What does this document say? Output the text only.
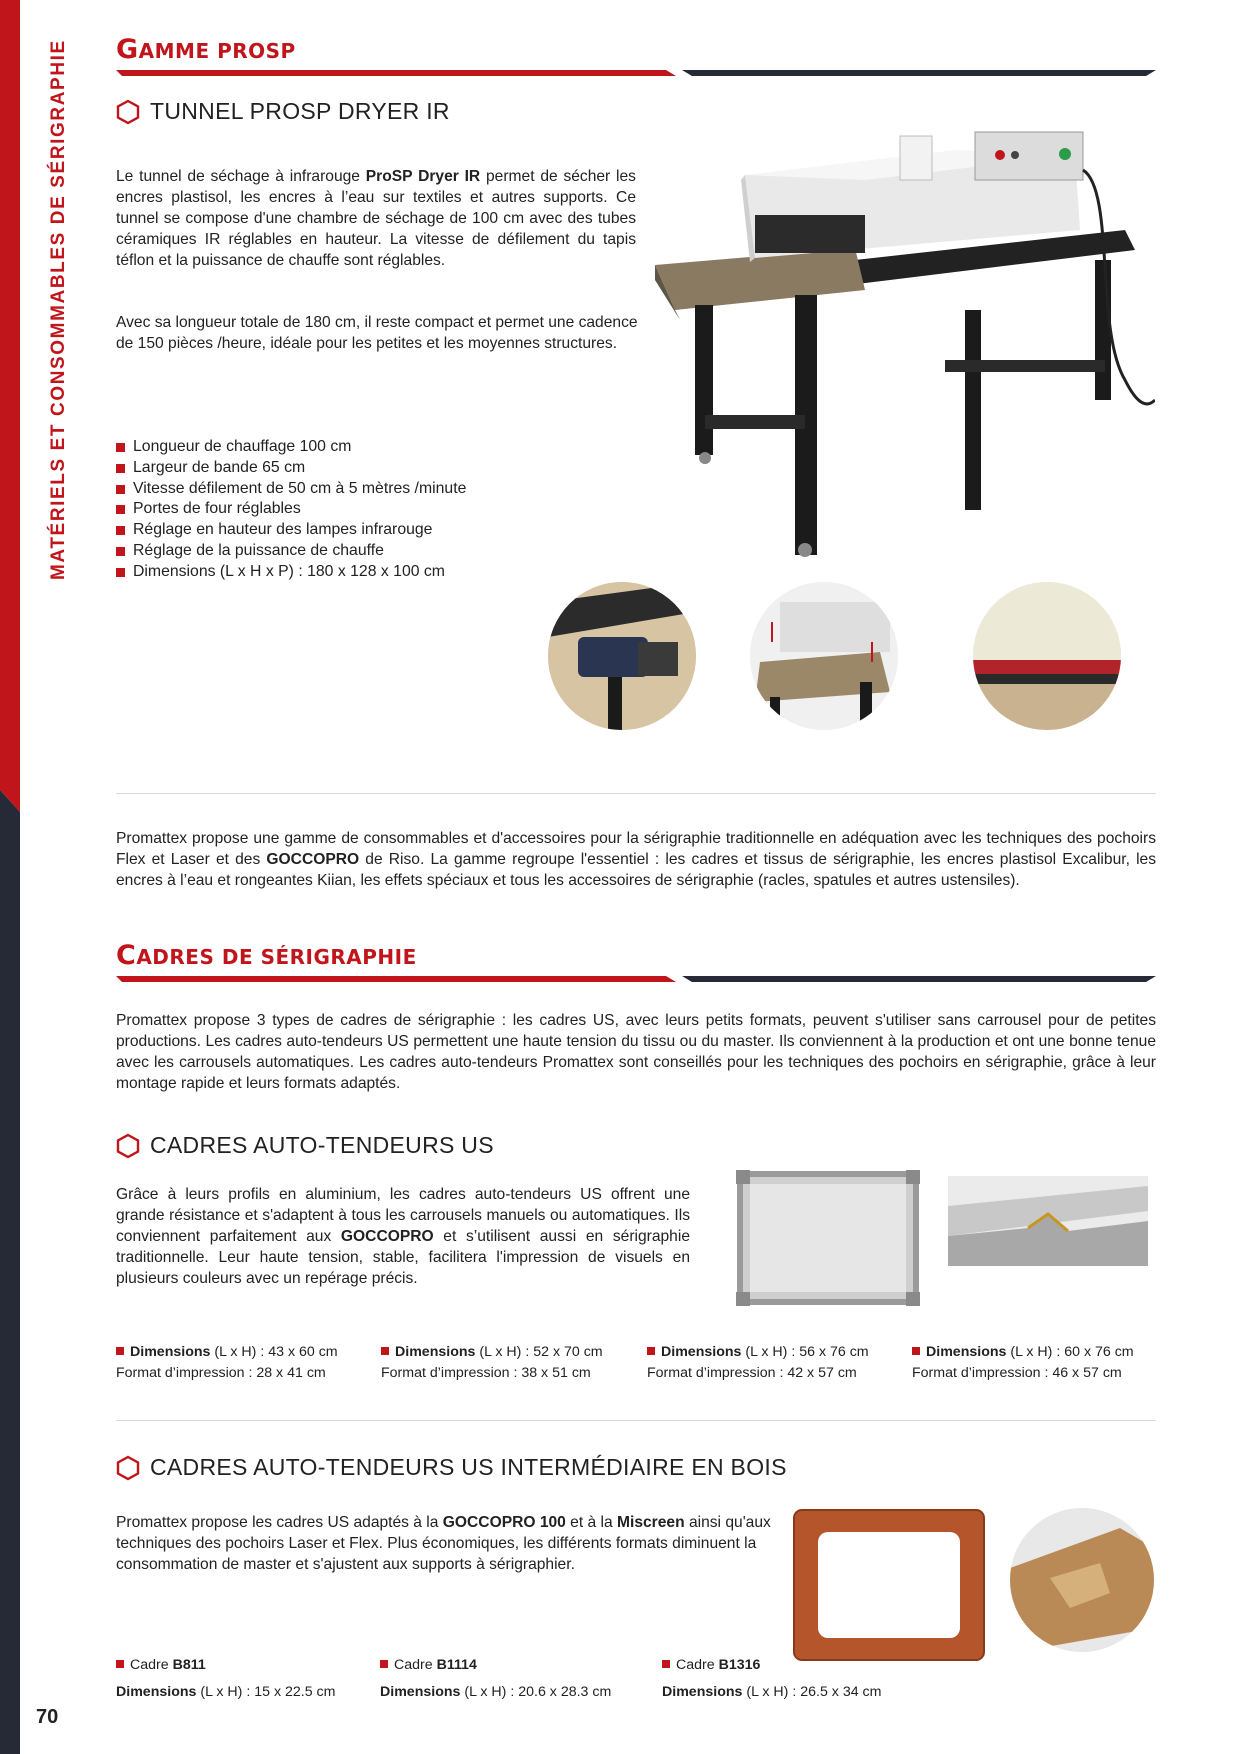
MATÉRIELS ET CONSOMMABLES DE SÉRIGRAPHIE GAMME PROSP
TUNNEL PROSP DRYER IR
Le tunnel de séchage à infrarouge ProSP Dryer IR permet de sécher les encres plastisol, les encres à l’eau sur textiles et autres supports. Ce tunnel se compose d'une chambre de séchage de 100 cm avec des tubes céramiques IR réglables en hauteur. La vitesse de défilement du tapis téflon et la puissance de chauffe sont réglables.
Avec sa longueur totale de 180 cm, il reste compact et permet une cadence de 150 pièces /heure, idéale pour les petites et les moyennes structures.
Longueur de chauffage 100 cm
Largeur de bande 65 cm
Vitesse défilement de 50 cm à 5 mètres /minute
Portes de four réglables
Réglage en hauteur des lampes infrarouge
Réglage de la puissance de chauffe
Dimensions (L x H x P) : 180 x 128 x 100 cm
Promattex propose une gamme de consommables et d'accessoires pour la sérigraphie traditionnelle en adéquation avec les techniques des pochoirs Flex et Laser et des GOCCOPRO de Riso. La gamme regroupe l'essentiel : les cadres et tissus de sérigraphie, les encres plastisol Excalibur, les encres à l’eau et rongeantes Kiian, les effets spéciaux et tous les accessoires de sérigraphie (racles, spatules et autres ustensiles).
CADRES DE SÉRIGRAPHIE
Promattex propose 3 types de cadres de sérigraphie : les cadres US, avec leurs petits formats, peuvent s'utiliser sans carrousel pour de petites productions. Les cadres auto-tendeurs US permettent une haute tension du tissu ou du master. Ils conviennent à la production et ont une bonne tenue avec les carrousels automatiques. Les cadres auto-tendeurs Promattex sont conseillés pour les techniques des pochoirs en sérigraphie, grâce à leur montage rapide et leurs formats adaptés.
CADRES AUTO-TENDEURS US
Grâce à leurs profils en aluminium, les cadres auto-tendeurs US offrent une grande résistance et s'adaptent à tous les carrousels manuels ou automatiques. Ils conviennent parfaitement aux GOCCOPRO et s’utilisent aussi en sérigraphie traditionnelle. Leur haute tension, stable, facilitera l'impression de visuels en plusieurs couleurs avec un repérage précis.
Dimensions (L x H) : 43 x 60 cm
Format d’impression : 28 x 41 cm
Dimensions (L x H) : 52 x 70 cm
Format d’impression : 38 x 51 cm
Dimensions (L x H) : 56 x 76 cm
Format d’impression : 42 x 57 cm
Dimensions (L x H) : 60 x 76 cm
Format d’impression : 46 x 57 cm
CADRES AUTO-TENDEURS US INTERMÉDIAIRE EN BOIS
Promattex propose les cadres US adaptés à la GOCCOPRO 100 et à la Miscreen ainsi qu'aux techniques des pochoirs Laser et Flex. Plus économiques, les différents formats diminuent la consommation de master et s'ajustent aux supports à sérigraphier.
Cadre B811
Dimensions (L x H) : 15 x 22.5 cm
Cadre B1114
Dimensions (L x H) : 20.6 x 28.3 cm
Cadre B1316
Dimensions (L x H) : 26.5 x 34 cm
70
